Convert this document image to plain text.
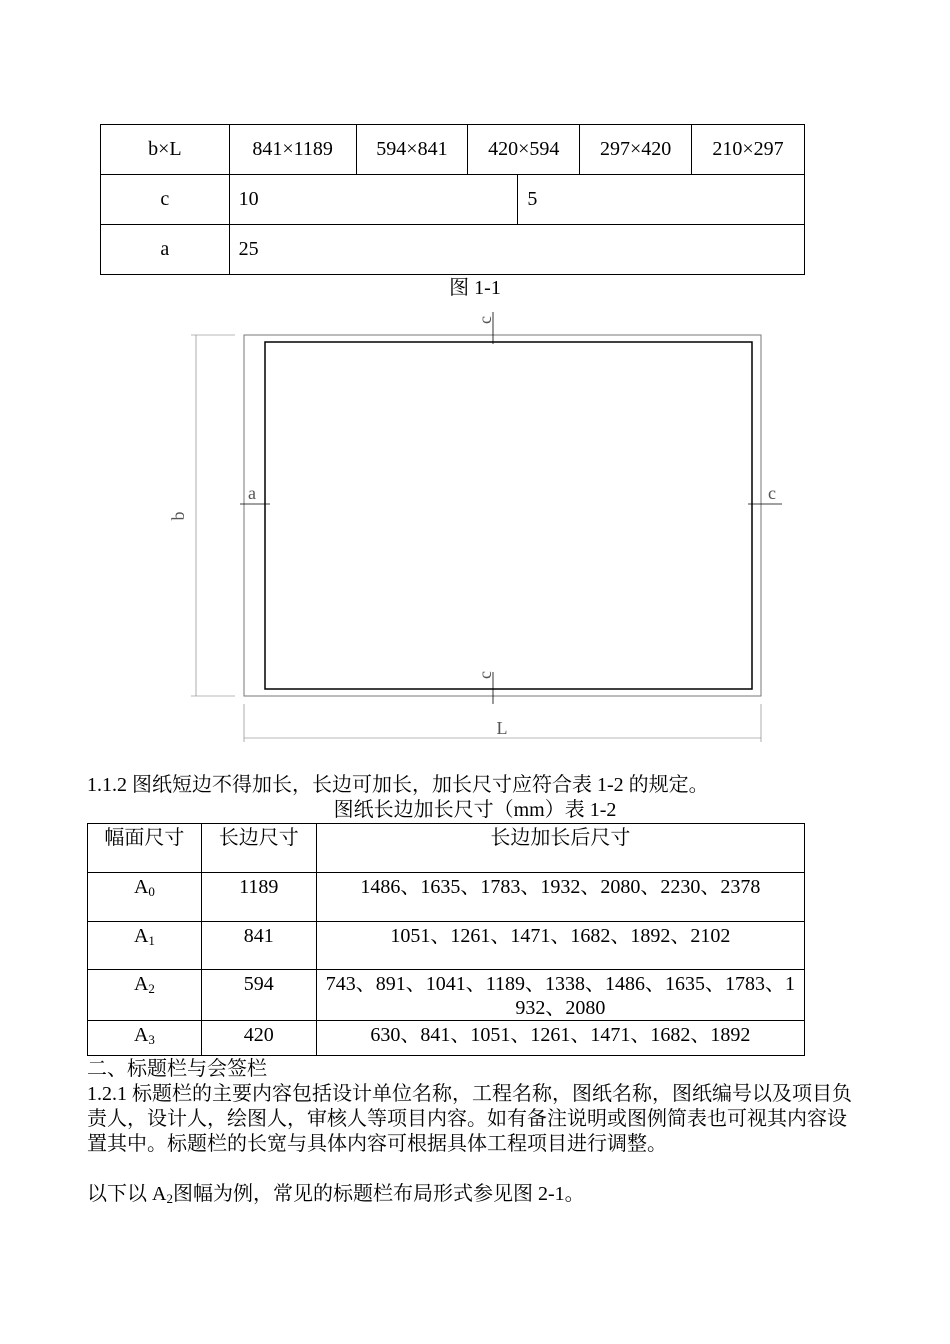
b×L	841×1189	594×841	420×594		297×420	210×297
c	10			5		
a	25					
图 1-1
c
a	c
b
c
L

1.1.2 图纸短边不得加长，长边可加长，加长尺寸应符合表 1-2 的规定。

图纸长边加长尺寸（mm）表 1-2
幅面尺寸	长边尺寸	长边加长后尺寸
$A_0$	1189	1486、1635、1783、1932、2080、2230、2378
$A_1$	841	1051、1261、1471、1682、1892、2102
$A_2$	594	743、891、1041、1189、1338、1486、1635、1783、1932、2080
$A_3$	420	630、841、1051、1261、1471、1682、1892

二、标题栏与会签栏

1.2.1 标题栏的主要内容包括设计单位名称，工程名称，图纸名称，图纸编号以及项目负责人，设计人，绘图人，审核人等项目内容。如有备注说明或图例简表也可视其内容设置其中。标题栏的长宽与具体内容可根据具体工程项目进行调整。

以下以 $A_2$图幅为例，常见的标题栏布局形式参见图 2-1。
